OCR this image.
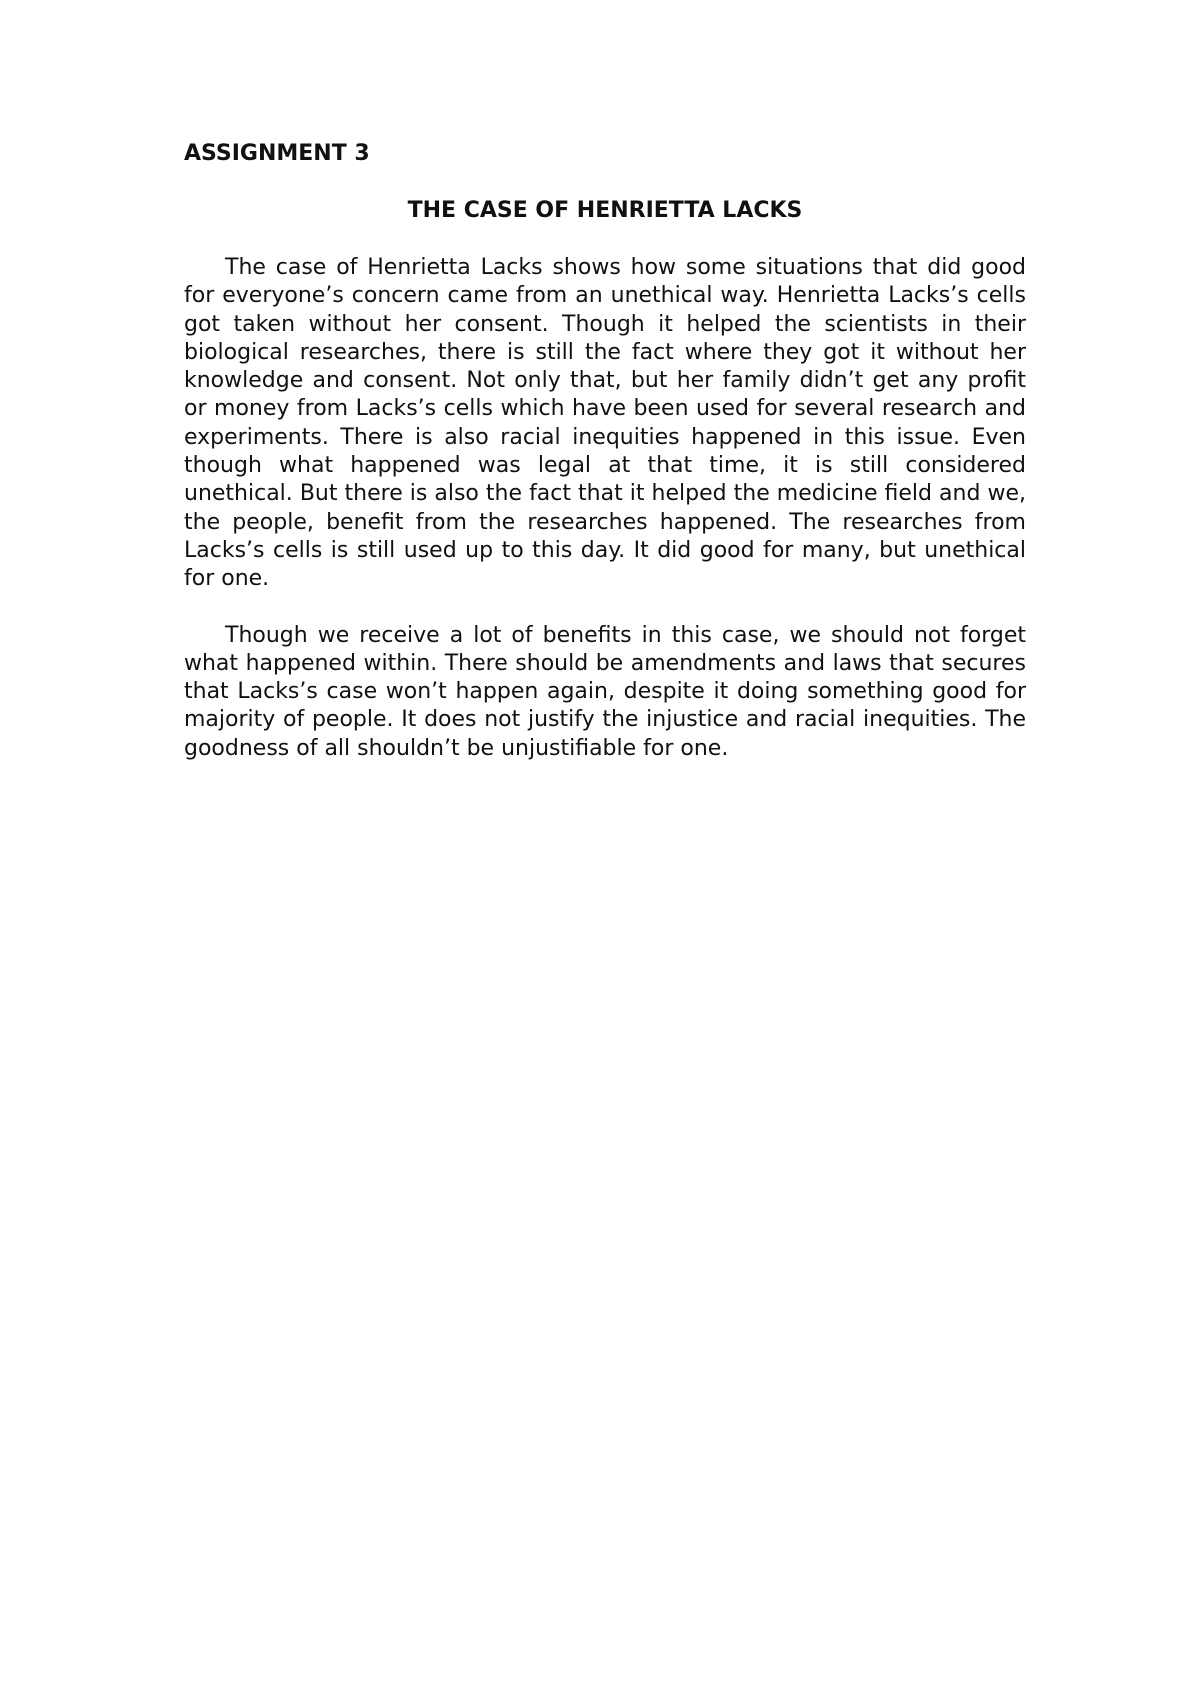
ASSIGNMENT 3

THE CASE OF HENRIETTA LACKS

The case of Henrietta Lacks shows how some situations that did good for everyone’s concern came from an unethical way. Henrietta Lacks’s cells got taken without her consent. Though it helped the scientists in their biological researches, there is still the fact where they got it without her knowledge and consent. Not only that, but her family didn’t get any profit or money from Lacks’s cells which have been used for several research and experiments. There is also racial inequities happened in this issue. Even though what happened was legal at that time, it is still considered unethical. But there is also the fact that it helped the medicine field and we, the people, benefit from the researches happened. The researches from Lacks’s cells is still used up to this day. It did good for many, but unethical for one.

Though we receive a lot of benefits in this case, we should not forget what happened within. There should be amendments and laws that secures that Lacks’s case won’t happen again, despite it doing something good for majority of people. It does not justify the injustice and racial inequities. The goodness of all shouldn’t be unjustifiable for one.
